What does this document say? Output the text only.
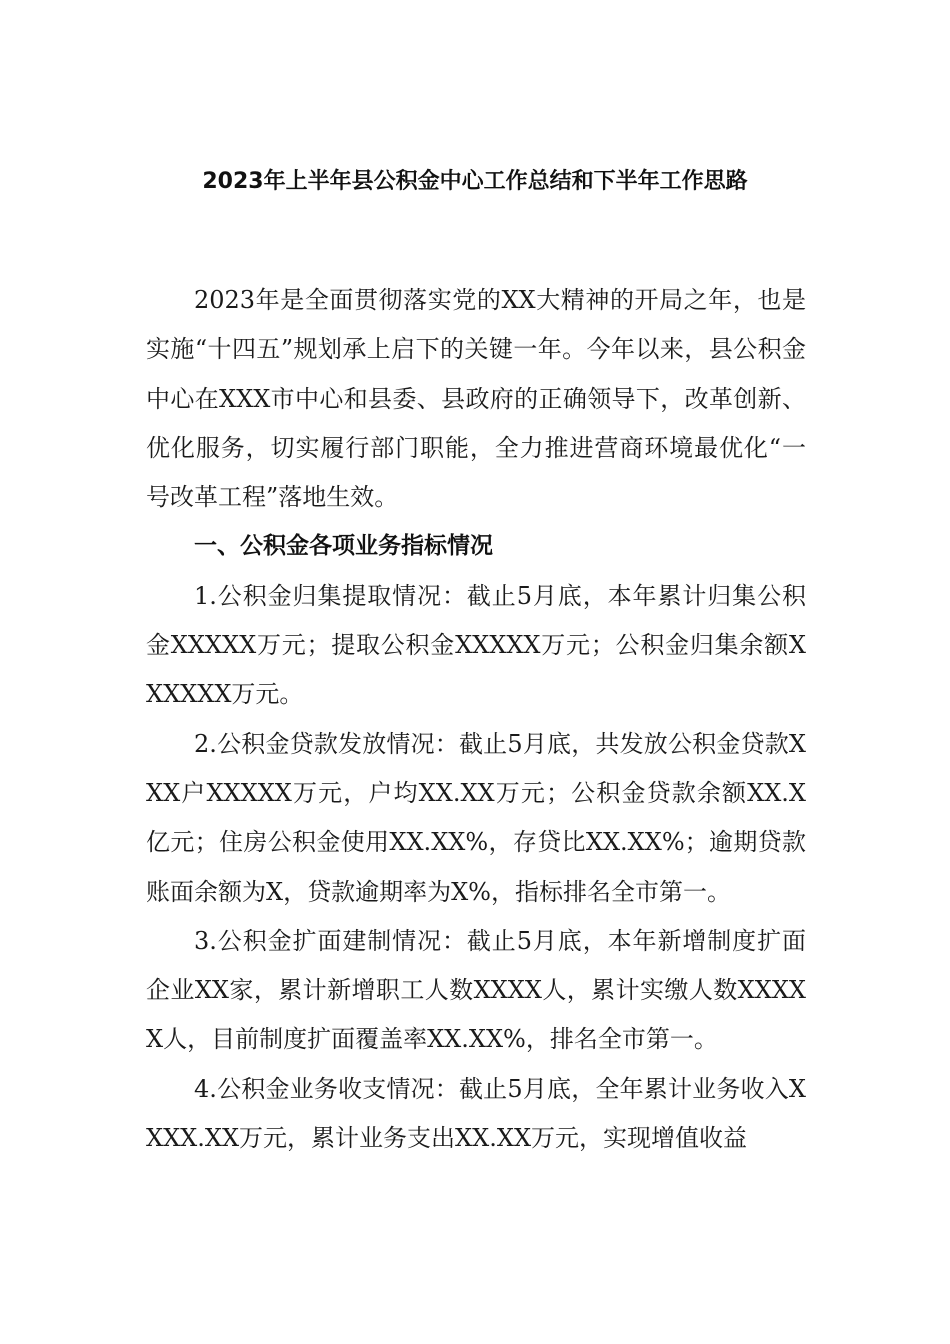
2023年上半年县公积金中心工作总结和下半年工作思路

2023年是全面贯彻落实党的XX大精神的开局之年，也是实施“十四五”规划承上启下的关键一年。今年以来，县公积金中心在XXX市中心和县委、县政府的正确领导下，改革创新、优化服务，切实履行部门职能，全力推进营商环境最优化“一号改革工程”落地生效。

一、公积金各项业务指标情况

1.公积金归集提取情况：截止5月底，本年累计归集公积金XXXXX万元；提取公积金XXXXX万元；公积金归集余额XXXXXX万元。

2.公积金贷款发放情况：截止5月底，共发放公积金贷款XXX户XXXXX万元，户均XX.XX万元；公积金贷款余额XX.X亿元；住房公积金使用XX.XX%，存贷比XX.XX%；逾期贷款账面余额为X，贷款逾期率为X%，指标排名全市第一。

3.公积金扩面建制情况：截止5月底，本年新增制度扩面企业XX家，累计新增职工人数XXXX人，累计实缴人数XXXXX人，目前制度扩面覆盖率XX.XX%，排名全市第一。

4.公积金业务收支情况：截止5月底，全年累计业务收入XXXX.XX万元，累计业务支出XX.XX万元，实现增值收益
